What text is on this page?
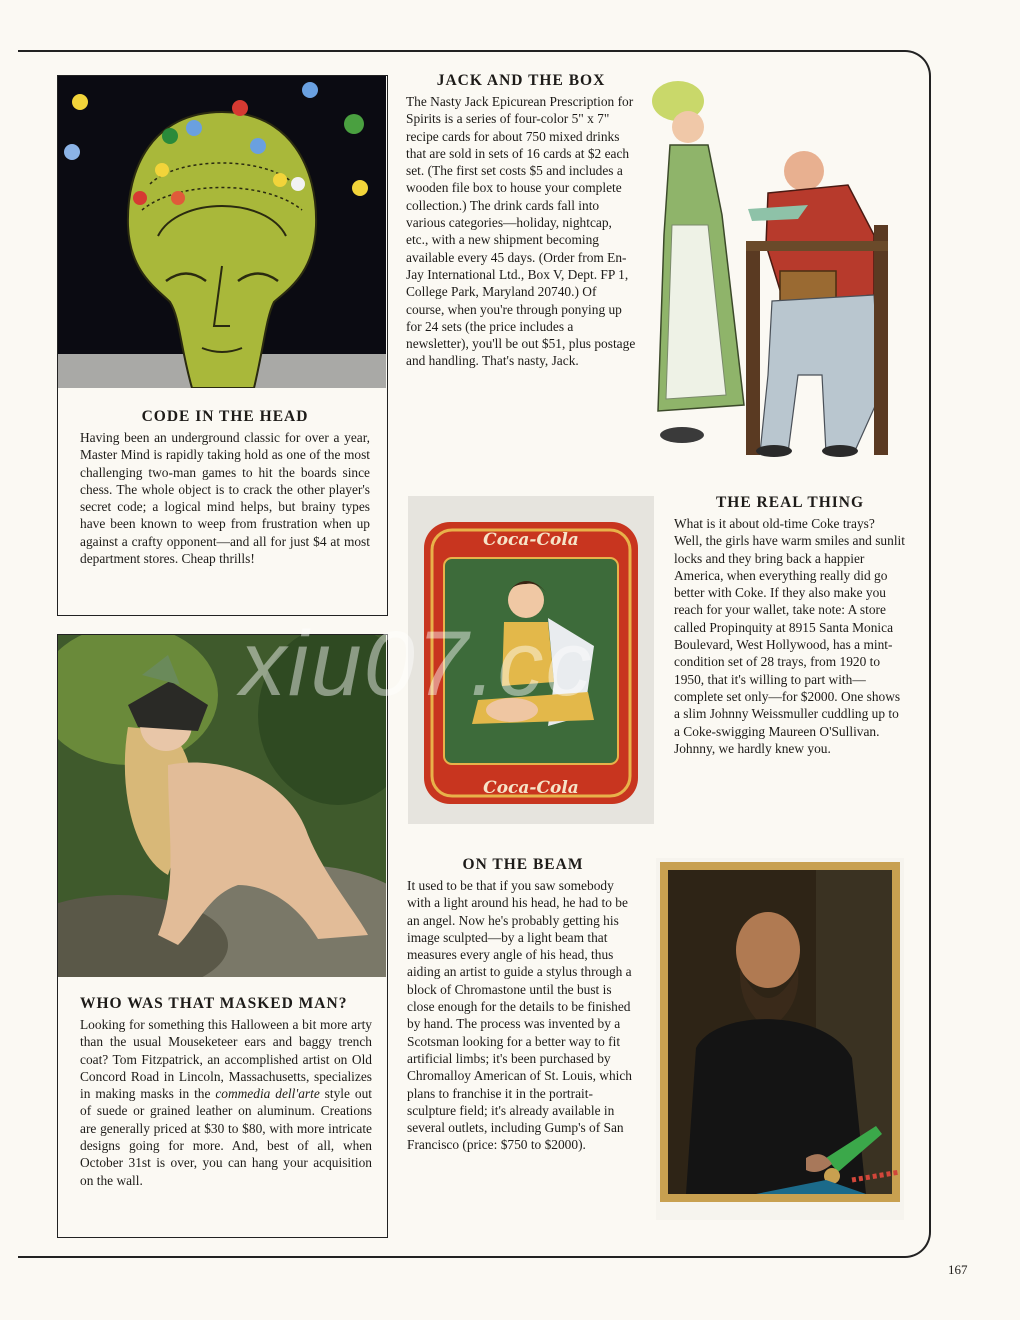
CODE IN THE HEAD

Having been an underground classic for over a year, Master Mind is rapidly taking hold as one of the most challenging two-man games to hit the boards since chess. The whole object is to crack the other player's secret code; a logical mind helps, but brainy types have been known to weep from frustration when up against a crafty opponent—and all for just $4 at most department stores. Cheap thrills!

JACK AND THE BOX

The Nasty Jack Epicurean Prescription for Spirits is a series of four-color 5" x 7" recipe cards for about 750 mixed drinks that are sold in sets of 16 cards at $2 each set. (The first set costs $5 and includes a wooden file box to house your complete collection.) The drink cards fall into various categories—holiday, nightcap, etc., with a new shipment becoming available every 45 days. (Order from En-Jay International Ltd., Box V, Dept. FP 1, College Park, Maryland 20740.) Of course, when you're through ponying up for 24 sets (the price includes a newsletter), you'll be out $51, plus postage and handling. That's nasty, Jack.

Coca-Cola
Coca-Cola

THE REAL THING

What is it about old-time Coke trays? Well, the girls have warm smiles and sunlit locks and they bring back a happier America, when everything really did go better with Coke. If they also make you reach for your wallet, take note: A store called Propinquity at 8915 Santa Monica Boulevard, West Hollywood, has a mint-condition set of 28 trays, from 1920 to 1950, that it's willing to part with—complete set only—for $2000. One shows a slim Johnny Weissmuller cuddling up to a Coke-swigging Maureen O'Sullivan. Johnny, we hardly knew you.

WHO WAS THAT MASKED MAN?

Looking for something this Halloween a bit more arty than the usual Mouseketeer ears and baggy trench coat? Tom Fitzpatrick, an accomplished artist on Old Concord Road in Lincoln, Massachusetts, specializes in making masks in the commedia dell'arte style out of suede or grained leather on aluminum. Creations are generally priced at $30 to $80, with more intricate designs going for more. And, best of all, when October 31st is over, you can hang your acquisition on the wall.

ON THE BEAM

It used to be that if you saw somebody with a light around his head, he had to be an angel. Now he's probably getting his image sculpted—by a light beam that measures every angle of his head, thus aiding an artist to guide a stylus through a block of Chromastone until the bust is close enough for the details to be finished by hand. The process was invented by a Scotsman looking for a better way to fit artificial limbs; it's been purchased by Chromalloy American of St. Louis, which plans to franchise it in the portrait-sculpture field; it's already available in several outlets, including Gump's of San Francisco (price: $750 to $2000).

xiu07.cc
167
